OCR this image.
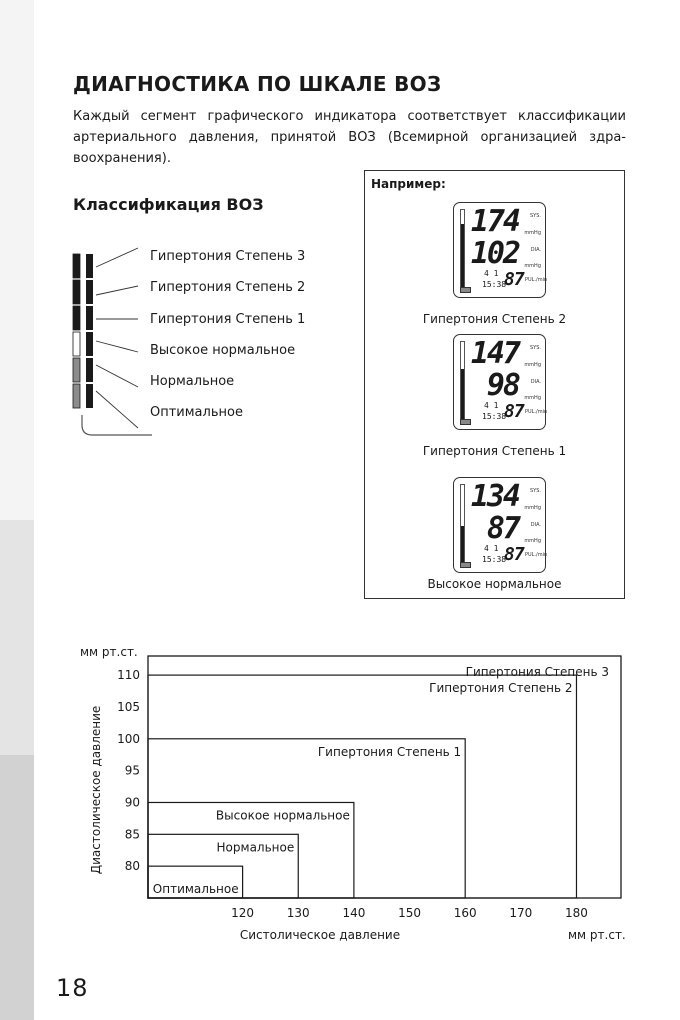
ДИАГНОСТИКА ПО ШКАЛЕ ВОЗ
Каждый сегмент графического индикатора соответствует классификации артериального давления, принятой ВОЗ (Всемирной организацией здравоохранения).
Классификация ВОЗ
Гипертония Степень 3
Гипертония Степень 2
Гипертония Степень 1
Высокое нормальное
Нормальное
Оптимальное
Например:
174 SYS.
mmHg
102 DIA.
mmHg
4 1
15:38
87 PUL./min
Гипертония Степень 2
147 SYS.
mmHg
98 DIA.
mmHg
4 1
15:38
87 PUL./min
Гипертония Степень 1
134 SYS.
mmHg
87 DIA.
mmHg
4 1
15:38
87 PUL./min
Высокое нормальное
мм рт.ст.
Оптимальное
Нормальное
Высокое нормальное
Гипертония Степень 1
Гипертония Степень 2
Гипертония Степень 3
80
85
90
95
100
105
110
120	130	140	150	160	170	180
Диастолическое давление
Систолическое давление	мм рт.ст.
18
